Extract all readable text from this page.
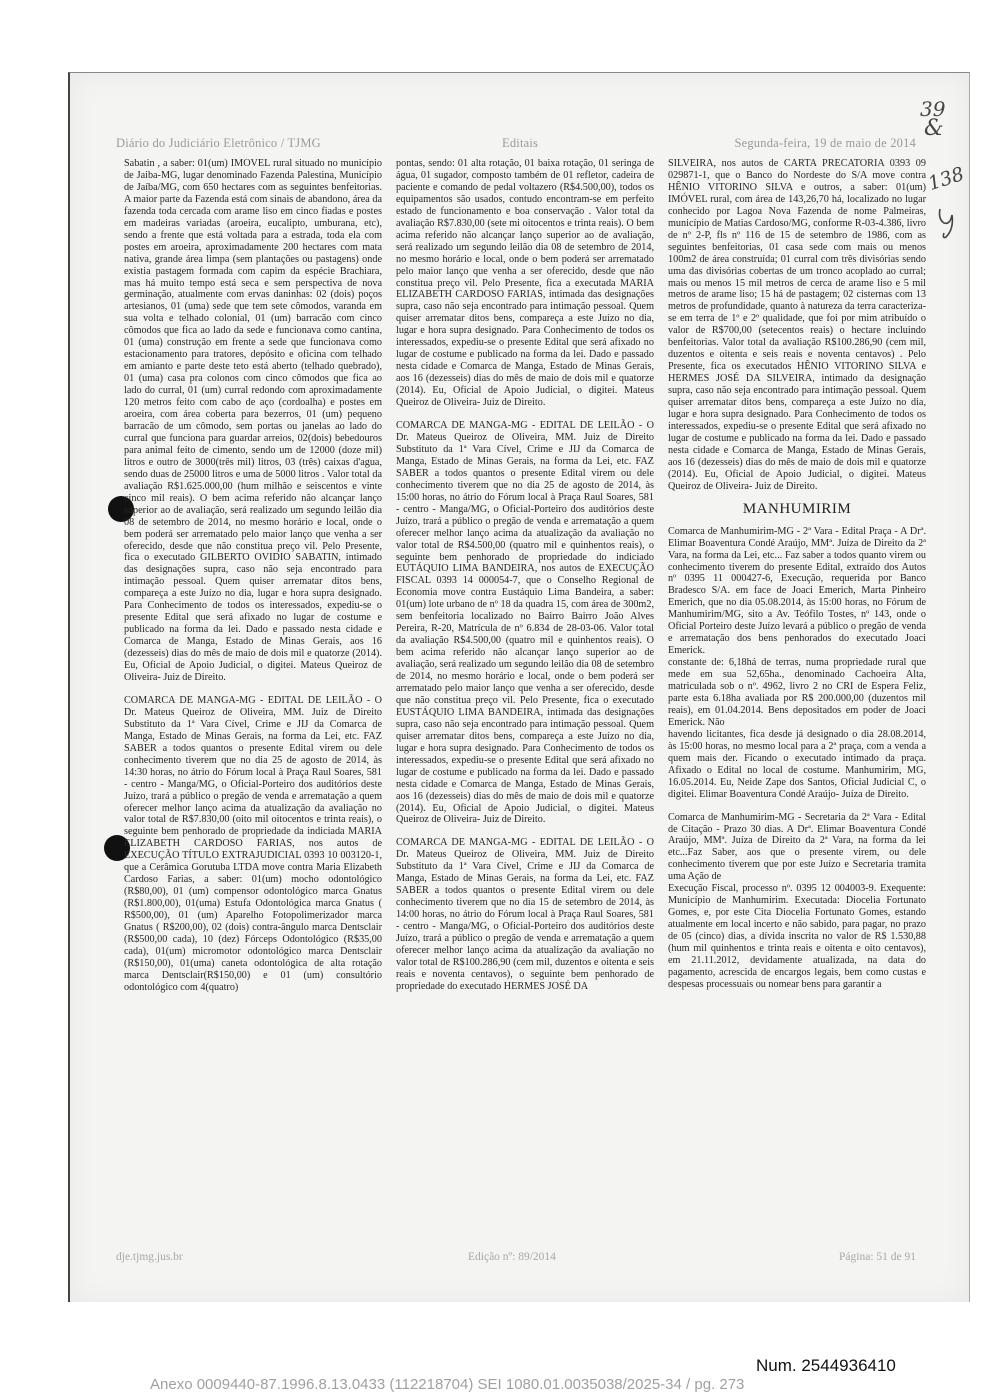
Diário do Judiciário Eletrônico / TJMG	Editais	Segunda-feira, 19 de maio de 2014
39
&
138

Sabatin , a saber: 01(um) IMÓVEL rural situado no município de Jaiba-MG, lugar denominado Fazenda Palestina, Município de Jaíba/MG, com 650 hectares com as seguintes benfeitorias. A maior parte da Fazenda está com sinais de abandono, área da fazenda toda cercada com arame liso em cinco fiadas e postes em madeiras variadas (aroeira, eucalipto, umburana, etc), sendo a frente que está voltada para a estrada, toda ela com postes em aroeira, aproximadamente 200 hectares com mata nativa, grande área limpa (sem plantações ou pastagens) onde existia pastagem formada com capim da espécie Brachiara, mas há muito tempo está seca e sem perspectiva de nova germinação, atualmente com ervas daninhas: 02 (dois) poços artesianos, 01 (uma) sede que tem sete cômodos, varanda em sua volta e telhado colonial, 01 (um) barracão com cinco cômodos que fica ao lado da sede e funcionava como cantina, 01 (uma) construção em frente a sede que funcionava como estacionamento para tratores, depósito e oficina com telhado em amianto e parte deste teto está aberto (telhado quebrado), 01 (uma) casa pra colonos com cinco cômodos que fica ao lado do curral, 01 (um) curral redondo com aproximadamente 120 metros feito com cabo de aço (cordoalha) e postes em aroeira, com área coberta para bezerros, 01 (um) pequeno barracão de um cômodo, sem portas ou janelas ao lado do curral que funciona para guardar arreios, 02(dois) bebedouros para animal feito de cimento, sendo um de 12000 (doze mil) litros e outro de 3000(três mil) litros, 03 (três) caixas d'agua, sendo duas de 25000 litros e uma de 5000 litros . Valor total da avaliação R$1.625.000,00 (hum milhão e seiscentos e vinte cinco mil reais). O bem acima referido não alcançar lanço superior ao de avaliação, será realizado um segundo leilão dia 08 de setembro de 2014, no mesmo horário e local, onde o bem poderá ser arrematado pelo maior lanço que venha a ser oferecido, desde que não constitua preço vil. Pelo Presente, fica o executado GILBERTO OVIDIO SABATIN, intimado das designações supra, caso não seja encontrado para intimação pessoal. Quem quiser arrematar ditos bens, compareça a este Juízo no dia, lugar e hora supra designado. Para Conhecimento de todos os interessados, expediu-se o presente Edital que será afixado no lugar de costume e publicado na forma da lei. Dado e passado nesta cidade e Comarca de Manga, Estado de Minas Gerais, aos 16 (dezesseis) dias do mês de maio de dois mil e quatorze (2014). Eu, Oficial de Apoio Judicial, o digitei. Mateus Queiroz de Oliveira- Juiz de Direito.

COMARCA DE MANGA-MG - EDITAL DE LEILÃO - O Dr. Mateus Queiroz de Oliveira, MM. Juiz de Direito Substituto da 1ª Vara Cível, Crime e JIJ da Comarca de Manga, Estado de Minas Gerais, na forma da Lei, etc. FAZ SABER a todos quantos o presente Edital virem ou dele conhecimento tiverem que no dia 25 de agosto de 2014, às 14:30 horas, no átrio do Fórum local à Praça Raul Soares, 581 - centro - Manga/MG, o Oficial-Porteiro dos auditórios deste Juízo, trará a público o pregão de venda e arrematação a quem oferecer melhor lanço acima da atualização da avaliação no valor total de R$7.830,00 (oito mil oitocentos e trinta reais), o seguinte bem penhorado de propriedade da indiciada MARIA ELIZABETH CARDOSO FARIAS, nos autos de EXECUÇÃO TÍTULO EXTRAJUDICIAL 0393 10 003120-1, que a Cerâmica Gorutuba LTDA move contra Maria Elizabeth Cardoso Farias, a saber: 01(um) mocho odontológico (R$80,00), 01 (um) compensor odontológico marca Gnatus (R$1.800,00), 01(uma) Estufa Odontológica marca Gnatus ( R$500,00), 01 (um) Aparelho Fotopolimerizador marca Gnatus ( R$200,00), 02 (dois) contra-ângulo marca Dentsclair (R$500,00 cada), 10 (dez) Fórceps Odontológico (R$35,00 cada), 01(um) micromotor odontológico marca Dentsclair (R$150,00), 01(uma) caneta odontológica de alta rotação marca Dentsclair(R$150,00) e 01 (um) consultório odontológico com 4(quatro)

pontas, sendo: 01 alta rotação, 01 baixa rotação, 01 seringa de água, 01 sugador, composto também de 01 refletor, cadeira de paciente e comando de pedal voltazero (R$4.500,00), todos os equipamentos são usados, contudo encontram-se em perfeito estado de funcionamento e boa conservação . Valor total da avaliação R$7.830,00 (sete mi oitocentos e trinta reais). O bem acima referido não alcançar lanço superior ao de avaliação, será realizado um segundo leilão dia 08 de setembro de 2014, no mesmo horário e local, onde o bem poderá ser arrematado pelo maior lanço que venha a ser oferecido, desde que não constitua preço vil. Pelo Presente, fica a executada MARIA ELIZABETH CARDOSO FARIAS, intimada das designações supra, caso não seja encontrado para intimação pessoal. Quem quiser arrematar ditos bens, compareça a este Juízo no dia, lugar e hora supra designado. Para Conhecimento de todos os interessados, expediu-se o presente Edital que será afixado no lugar de costume e publicado na forma da lei. Dado e passado nesta cidade e Comarca de Manga, Estado de Minas Gerais, aos 16 (dezesseis) dias do mês de maio de dois mil e quatorze (2014). Eu, Oficial de Apoio Judicial, o digitei. Mateus Queiroz de Oliveira- Juiz de Direito.

COMARCA DE MANGA-MG - EDITAL DE LEILÃO - O Dr. Mateus Queiroz de Oliveira, MM. Juiz de Direito Substituto da 1ª Vara Cível, Crime e JIJ da Comarca de Manga, Estado de Minas Gerais, na forma da Lei, etc. FAZ SABER a todos quantos o presente Edital virem ou dele conhecimento tiverem que no dia 25 de agosto de 2014, às 15:00 horas, no átrio do Fórum local à Praça Raul Soares, 581 - centro - Manga/MG, o Oficial-Porteiro dos auditórios deste Juízo, trará a público o pregão de venda e arrematação a quem oferecer melhor lanço acima da atualização da avaliação no valor total de R$4.500,00 (quatro mil e quinhentos reais), o seguinte bem penhorado de propriedade do indiciado EUTÁQUIO LIMA BANDEIRA, nos autos de EXECUÇÃO FISCAL 0393 14 000054-7, que o Conselho Regional de Economia move contra Eustáquio Lima Bandeira, a saber: 01(um) lote urbano de nº 18 da quadra 15, com área de 300m2, sem benfeitoria localizado no Bairro Bairro João Alves Pereira, R-20, Matrícula de nº 6.834 de 28-03-06. Valor total da avaliação R$4.500,00 (quatro mil e quinhentos reais). O bem acima referido não alcançar lanço superior ao de avaliação, será realizado um segundo leilão dia 08 de setembro de 2014, no mesmo horário e local, onde o bem poderá ser arrematado pelo maior lanço que venha a ser oferecido, desde que não constitua preço vil. Pelo Presente, fica o executado EUSTÁQUIO LIMA BANDEIRA, intimada das designações supra, caso não seja encontrado para intimação pessoal. Quem quiser arrematar ditos bens, compareça a este Juízo no dia, lugar e hora supra designado. Para Conhecimento de todos os interessados, expediu-se o presente Edital que será afixado no lugar de costume e publicado na forma da lei. Dado e passado nesta cidade e Comarca de Manga, Estado de Minas Gerais, aos 16 (dezesseis) dias do mês de maio de dois mil e quatorze (2014). Eu, Oficial de Apoio Judicial, o digitei. Mateus Queiroz de Oliveira- Juiz de Direito.

COMARCA DE MANGA-MG - EDITAL DE LEILÃO - O Dr. Mateus Queiroz de Oliveira, MM. Juiz de Direito Substituto da 1ª Vara Cível, Crime e JIJ da Comarca de Manga, Estado de Minas Gerais, na forma da Lei, etc. FAZ SABER a todos quantos o presente Edital virem ou dele conhecimento tiverem que no dia 15 de setembro de 2014, às 14:00 horas, no átrio do Fórum local à Praça Raul Soares, 581 - centro - Manga/MG, o Oficial-Porteiro dos auditórios deste Juízo, trará a público o pregão de venda e arrematação a quem oferecer melhor lanço acima da atualização da avaliação no valor total de R$100.286,90 (cem mil, duzentos e oitenta e seis reais e noventa centavos), o seguinte bem penhorado de propriedade do executado HERMES JOSÉ DA

SILVEIRA, nos autos de CARTA PRECATORIA 0393 09 029871-1, que o Banco do Nordeste do S/A move contra HÊNIO VITORINO SILVA e outros, a saber: 01(um) IMÓVEL rural, com área de 143,26,70 há, localizado no lugar conhecido por Lagoa Nova Fazenda de nome Palmeiras, município de Matias Cardoso/MG, conforme R-03-4.386, livro de nº 2-P, fls nº 116 de 15 de setembro de 1986, com as seguintes benfeitorias, 01 casa sede com mais ou menos 100m2 de área construída; 01 curral com três divisórias sendo uma das divisórias cobertas de um tronco acoplado ao curral; mais ou menos 15 mil metros de cerca de arame liso e 5 mil metros de arame liso; 15 há de pastagem; 02 cisternas com 13 metros de profundidade, quanto à natureza da terra caracteriza-se em terra de 1º e 2º qualidade, que foi por mim atribuído o valor de R$700,00 (setecentos reais) o hectare incluindo benfeitorias. Valor total da avaliação R$100.286,90 (cem mil, duzentos e oitenta e seis reais e noventa centavos) . Pelo Presente, fica os executados HÊNIO VITORINO SILVA e HERMES JOSÉ DA SILVEIRA, intimado da designação supra, caso não seja encontrado para intimação pessoal. Quem quiser arrematar ditos bens, compareça a este Juízo no dia, lugar e hora supra designado. Para Conhecimento de todos os interessados, expediu-se o presente Edital que será afixado no lugar de costume e publicado na forma da lei. Dado e passado nesta cidade e Comarca de Manga, Estado de Minas Gerais, aos 16 (dezesseis) dias do mês de maio de dois mil e quatorze (2014). Eu, Oficial de Apoio Judicial, o digitei. Mateus Queiroz de Oliveira- Juiz de Direito.

MANHUMIRIM

Comarca de Manhumirim-MG - 2ª Vara - Edital Praça - A Drª. Elimar Boaventura Condé Araújo, MMª. Juíza de Direito da 2ª Vara, na forma da Lei, etc... Faz saber a todos quanto virem ou conhecimento tiverem do presente Edital, extraído dos Autos nº 0395 11 000427-6, Execução, requerida por Banco Bradesco S/A. em face de Joaci Emerich, Marta Pinheiro Emerich, que no dia 05.08.2014, às 15:00 horas, no Fórum de Manhumirim/MG, sito a Av. Teófilo Tostes, nº 143, onde o Oficial Porteiro deste Juízo levará a público o pregão de venda e arrematação dos bens penhorados do executado Joaci Emerick.

constante de: 6,18há de terras, numa propriedade rural que mede em sua 52,65ha., denominado Cachoeira Alta, matriculada sob o nº. 4962, livro 2 no CRI de Espera Feliz, parte esta 6.18ha avaliada por R$ 200.000,00 (duzentos mil reais), em 01.04.2014. Bens depositados em poder de Joaci Emerick. Não

havendo licitantes, fica desde já designado o dia 28.08.2014, às 15:00 horas, no mesmo local para a 2ª praça, com a venda a quem mais der. Ficando o executado intimado da praça. Afixado o Edital no local de costume. Manhumirim, MG, 16.05.2014. Eu, Neide Zape dos Santos, Oficial Judicial C, o digitei. Elimar Boaventura Condé Araújo- Juíza de Direito.

Comarca de Manhumirim-MG - Secretaria da 2ª Vara - Edital de Citação - Prazo 30 dias. A Drª. Elimar Boaventura Condé Araújo, MMª. Juíza de Direito da 2ª Vara, na forma da lei etc...Faz Saber, aos que o presente virem, ou dele conhecimento tiverem que por este Juízo e Secretaria tramita uma Ação de

Execução Fiscal, processo nº. 0395 12 004003-9. Exequente: Município de Manhumirim. Executada: Diocelia Fortunato Gomes, e, por este Cita Diocelia Fortunato Gomes, estando atualmente em local incerto e não sabido, para pagar, no prazo de 05 (cinco) dias, a dívida inscrita no valor de R$ 1.530,88 (hum mil quinhentos e trinta reais e oitenta e oito centavos), em 21.11.2012, devidamente atualizada, na data do pagamento, acrescida de encargos legais, bem como custas e despesas processuais ou nomear bens para garantir a

dje.tjmg.jus.br	Edição nº: 89/2014	Página: 51 de 91
Num. 2544936410
Anexo 0009440-87.1996.8.13.0433 (112218704) SEI 1080.01.0035038/2025-34 / pg. 273
